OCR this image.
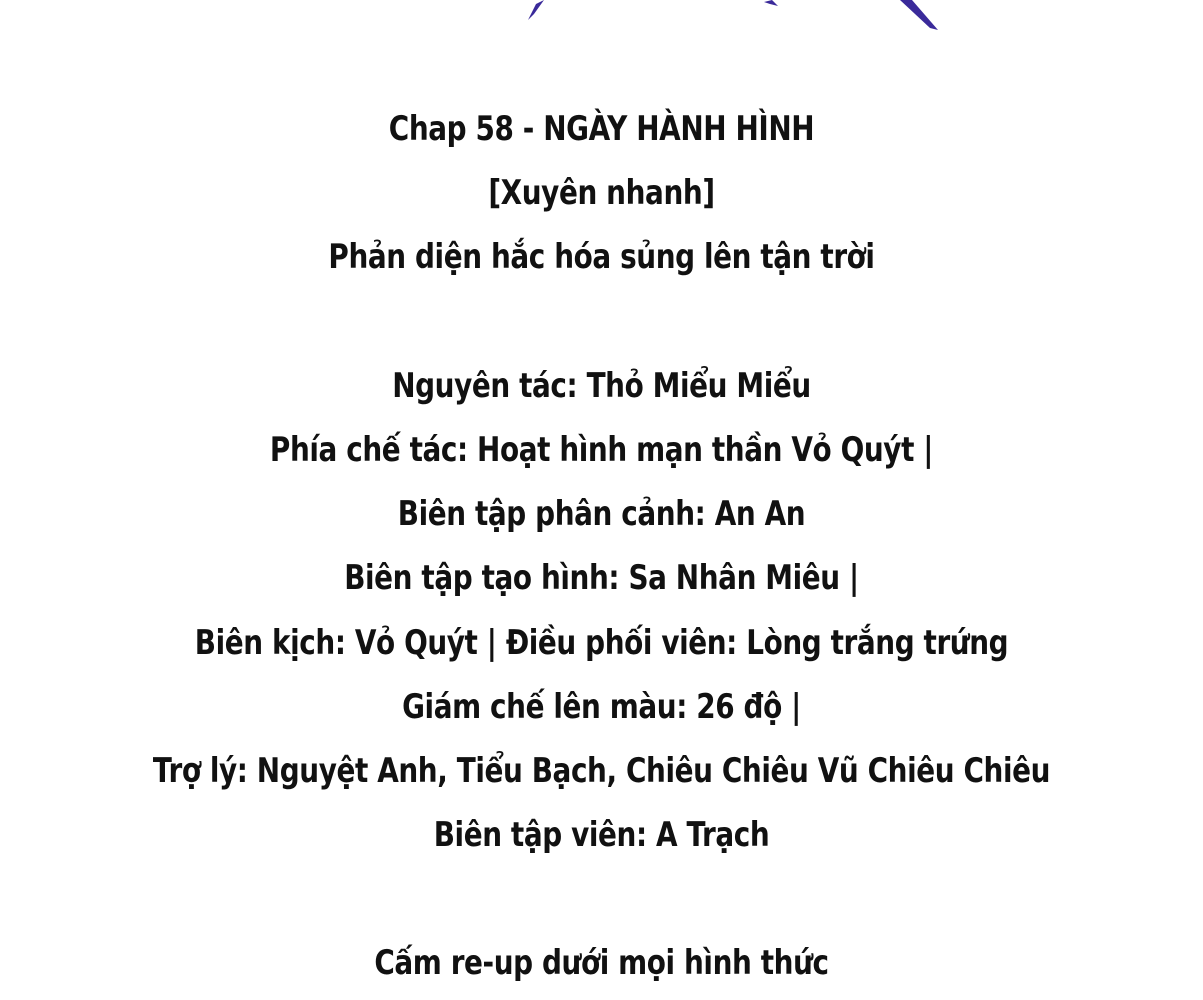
Chap 58 - NGÀY HÀNH HÌNH
[Xuyên nhanh]
Phản diện hắc hóa sủng lên tận trời
Nguyên tác: Thỏ Miểu Miểu
Phía chế tác: Hoạt hình mạn thần Vỏ Quýt |
Biên tập phân cảnh: An An
Biên tập tạo hình: Sa Nhân Miêu |
Biên kịch: Vỏ Quýt | Điều phối viên: Lòng trắng trứng
Giám chế lên màu: 26 độ |
Trợ lý: Nguyệt Anh, Tiểu Bạch, Chiêu Chiêu Vũ Chiêu Chiêu
Biên tập viên: A Trạch
Cấm re-up dưới mọi hình thức
